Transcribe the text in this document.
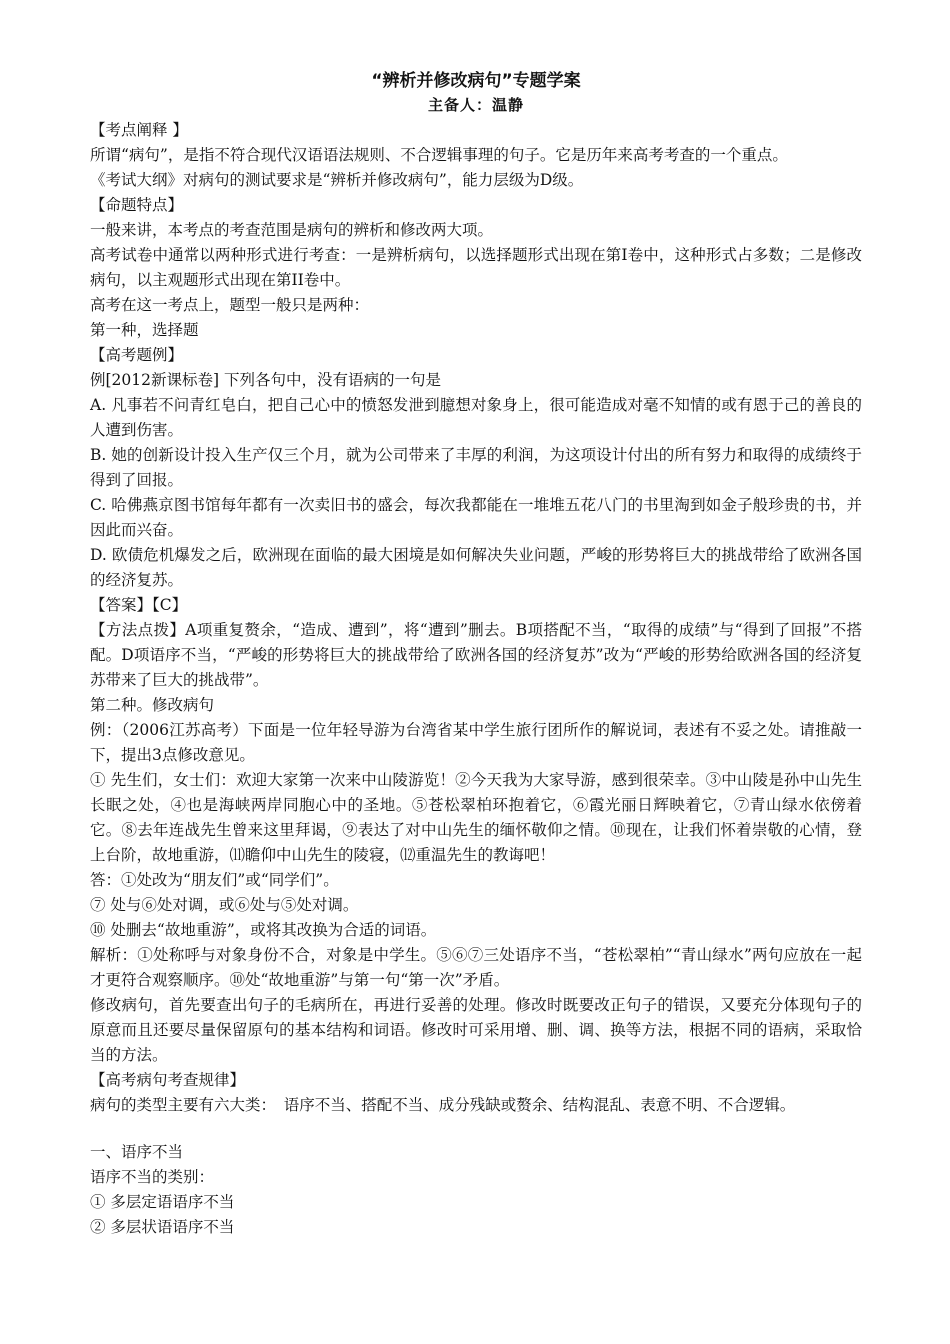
“辨析并修改病句”专题学案
主备人：温静

【考点阐释 】

所谓“病句”，是指不符合现代汉语语法规则、不合逻辑事理的句子。它是历年来高考考查的一个重点。

《考试大纲》对病句的测试要求是“辨析并修改病句”，能力层级为D级。

【命题特点】

一般来讲，本考点的考查范围是病句的辨析和修改两大项。

高考试卷中通常以两种形式进行考查：一是辨析病句，以选择题形式出现在第I卷中，这种形式占多数；二是修改病句，以主观题形式出现在第II卷中。

高考在这一考点上，题型一般只是两种：

第一种，选择题

【高考题例】

例[2012新课标卷] 下列各句中，没有语病的一句是

A. 凡事若不问青红皂白，把自己心中的愤怒发泄到臆想对象身上，很可能造成对毫不知情的或有恩于己的善良的人遭到伤害。

B. 她的创新设计投入生产仅三个月，就为公司带来了丰厚的利润，为这项设计付出的所有努力和取得的成绩终于得到了回报。

C. 哈佛燕京图书馆每年都有一次卖旧书的盛会，每次我都能在一堆堆五花八门的书里淘到如金子般珍贵的书，并因此而兴奋。

D. 欧债危机爆发之后，欧洲现在面临的最大困境是如何解决失业问题，严峻的形势将巨大的挑战带给了欧洲各国的经济复苏。

【答案】【C】

【方法点拨】A项重复赘余，“造成、遭到”，将“遭到”删去。B项搭配不当，“取得的成绩”与“得到了回报”不搭配。D项语序不当，“严峻的形势将巨大的挑战带给了欧洲各国的经济复苏”改为“严峻的形势给欧洲各国的经济复苏带来了巨大的挑战带”。

第二种。修改病句

例：（2006江苏高考）下面是一位年轻导游为台湾省某中学生旅行团所作的解说词，表述有不妥之处。请推敲一下，提出3点修改意见。

① 先生们，女士们：欢迎大家第一次来中山陵游览！②今天我为大家导游，感到很荣幸。③中山陵是孙中山先生长眠之处，④也是海峡两岸同胞心中的圣地。⑤苍松翠柏环抱着它，⑥霞光丽日辉映着它，⑦青山绿水依傍着它。⑧去年连战先生曾来这里拜谒，⑨表达了对中山先生的缅怀敬仰之情。⑩现在，让我们怀着崇敬的心情，登上台阶，故地重游，⑾瞻仰中山先生的陵寝，⑿重温先生的教诲吧！

答：①处改为“朋友们”或“同学们”。

⑦ 处与⑥处对调，或⑥处与⑤处对调。

⑩ 处删去“故地重游”，或将其改换为合适的词语。

解析：①处称呼与对象身份不合，对象是中学生。⑤⑥⑦三处语序不当，“苍松翠柏”“青山绿水”两句应放在一起才更符合观察顺序。⑩处“故地重游”与第一句“第一次”矛盾。

修改病句，首先要查出句子的毛病所在，再进行妥善的处理。修改时既要改正句子的错误，又要充分体现句子的原意而且还要尽量保留原句的基本结构和词语。修改时可采用增、删、调、换等方法，根据不同的语病，采取恰当的方法。

【高考病句考查规律】

病句的类型主要有六大类：　语序不当、搭配不当、成分残缺或赘余、结构混乱、表意不明、不合逻辑。

一、语序不当

语序不当的类别：

① 多层定语语序不当

② 多层状语语序不当
